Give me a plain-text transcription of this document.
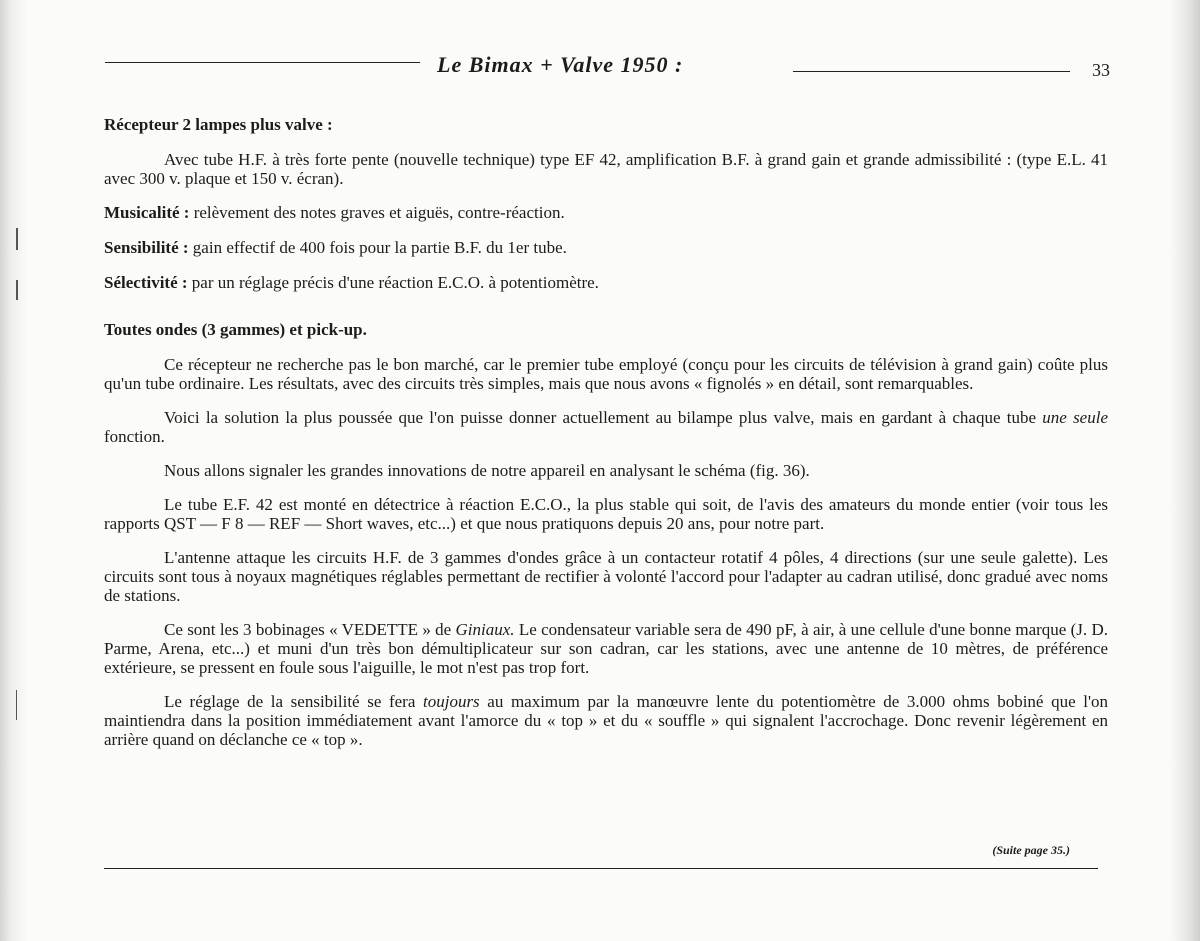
Le Bimax + Valve 1950 :	33
Récepteur 2 lampes plus valve :

Avec tube H.F. à très forte pente (nouvelle technique) type EF 42, amplification B.F. à grand gain et grande admissibilité : (type E.L. 41 avec 300 v. plaque et 150 v. écran).

Musicalité : relèvement des notes graves et aiguës, contre-réaction.

Sensibilité : gain effectif de 400 fois pour la partie B.F. du 1er tube.

Sélectivité : par un réglage précis d'une réaction E.C.O. à potentiomètre.

Toutes ondes (3 gammes) et pick-up.

Ce récepteur ne recherche pas le bon marché, car le premier tube employé (conçu pour les circuits de télévision à grand gain) coûte plus qu'un tube ordinaire. Les résultats, avec des circuits très simples, mais que nous avons « fignolés » en détail, sont remarquables.

Voici la solution la plus poussée que l'on puisse donner actuellement au bilampe plus valve, mais en gardant à chaque tube une seule fonction.

Nous allons signaler les grandes innovations de notre appareil en analysant le schéma (fig. 36).

Le tube E.F. 42 est monté en détectrice à réaction E.C.O., la plus stable qui soit, de l'avis des amateurs du monde entier (voir tous les rapports QST — F 8 — REF — Short waves, etc...) et que nous pratiquons depuis 20 ans, pour notre part.

L'antenne attaque les circuits H.F. de 3 gammes d'ondes grâce à un contacteur rotatif 4 pôles, 4 directions (sur une seule galette). Les circuits sont tous à noyaux magnétiques réglables permettant de rectifier à volonté l'accord pour l'adapter au cadran utilisé, donc gradué avec noms de stations.

Ce sont les 3 bobinages « VEDETTE » de Giniaux. Le condensateur variable sera de 490 pF, à air, à une cellule d'une bonne marque (J. D. Parme, Arena, etc...) et muni d'un très bon démultiplicateur sur son cadran, car les stations, avec une antenne de 10 mètres, de préférence extérieure, se pressent en foule sous l'aiguille, le mot n'est pas trop fort.

Le réglage de la sensibilité se fera toujours au maximum par la manœuvre lente du potentiomètre de 3.000 ohms bobiné que l'on maintiendra dans la position immédiatement avant l'amorce du « top » et du « souffle » qui signalent l'accrochage. Donc revenir légèrement en arrière quand on déclanche ce « top ».

(Suite page 35.)
